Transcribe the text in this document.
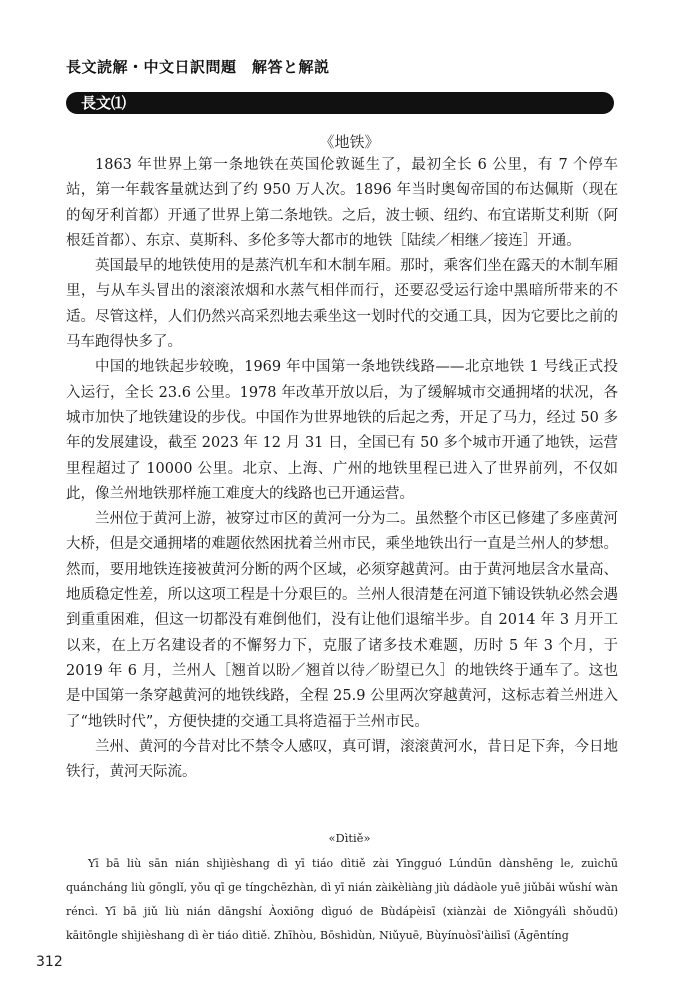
長文読解・中文日訳問題　解答と解説
長文⑴
《地铁》

1863 年世界上第一条地铁在英国伦敦诞生了，最初全长 6 公里，有 7 个停车站，第一年载客量就达到了约 950 万人次。1896 年当时奥匈帝国的布达佩斯（现在的匈牙利首都）开通了世界上第二条地铁。之后，波士顿、纽约、布宜诺斯艾利斯（阿根廷首都）、东京、莫斯科、多伦多等大都市的地铁［陆续／相继／接连］开通。

英国最早的地铁使用的是蒸汽机车和木制车厢。那时，乘客们坐在露天的木制车厢里，与从车头冒出的滚滚浓烟和水蒸气相伴而行，还要忍受运行途中黑暗所带来的不适。尽管这样，人们仍然兴高采烈地去乘坐这一划时代的交通工具，因为它要比之前的马车跑得快多了。

中国的地铁起步较晚，1969 年中国第一条地铁线路——北京地铁 1 号线正式投入运行，全长 23.6 公里。1978 年改革开放以后，为了缓解城市交通拥堵的状况，各城市加快了地铁建设的步伐。中国作为世界地铁的后起之秀，开足了马力，经过 50 多年的发展建设，截至 2023 年 12 月 31 日，全国已有 50 多个城市开通了地铁，运营里程超过了 10000 公里。北京、上海、广州的地铁里程已进入了世界前列，不仅如此，像兰州地铁那样施工难度大的线路也已开通运营。

兰州位于黄河上游，被穿过市区的黄河一分为二。虽然整个市区已修建了多座黄河大桥，但是交通拥堵的难题依然困扰着兰州市民，乘坐地铁出行一直是兰州人的梦想。然而，要用地铁连接被黄河分断的两个区域，必须穿越黄河。由于黄河地层含水量高、地质稳定性差，所以这项工程是十分艰巨的。兰州人很清楚在河道下铺设铁轨必然会遇到重重困难，但这一切都没有难倒他们，没有让他们退缩半步。自 2014 年 3 月开工以来，在上万名建设者的不懈努力下，克服了诸多技术难题，历时 5 年 3 个月，于 2019 年 6 月，兰州人［翘首以盼／翘首以待／盼望已久］的地铁终于通车了。这也是中国第一条穿越黄河的地铁线路，全程 25.9 公里两次穿越黄河，这标志着兰州进入了“地铁时代”，方便快捷的交通工具将造福于兰州市民。

兰州、黄河的今昔对比不禁令人感叹，真可谓，滚滚黄河水，昔日足下奔，今日地铁行，黄河天际流。

«Dìtiě»

Yī bā liù sān nián shìjièshang dì yī tiáo dìtiě zài Yīngguó Lúndūn dànshēng le, zuìchū quáncháng liù gōnglǐ, yǒu qī ge tíngchēzhàn, dì yī nián zàikèliàng jiù dádàole yuē jiǔbǎi wǔshí wàn réncì. Yī bā jiǔ liù nián dāngshí Àoxiōng dìguó de Bùdápèisī (xiànzài de Xiōngyálì shǒudū) kāitōngle shìjièshang dì èr tiáo dìtiě. Zhīhòu, Bōshìdùn, Niǔyuē, Bùyínuòsī'àilìsī (Āgēntíng

312
